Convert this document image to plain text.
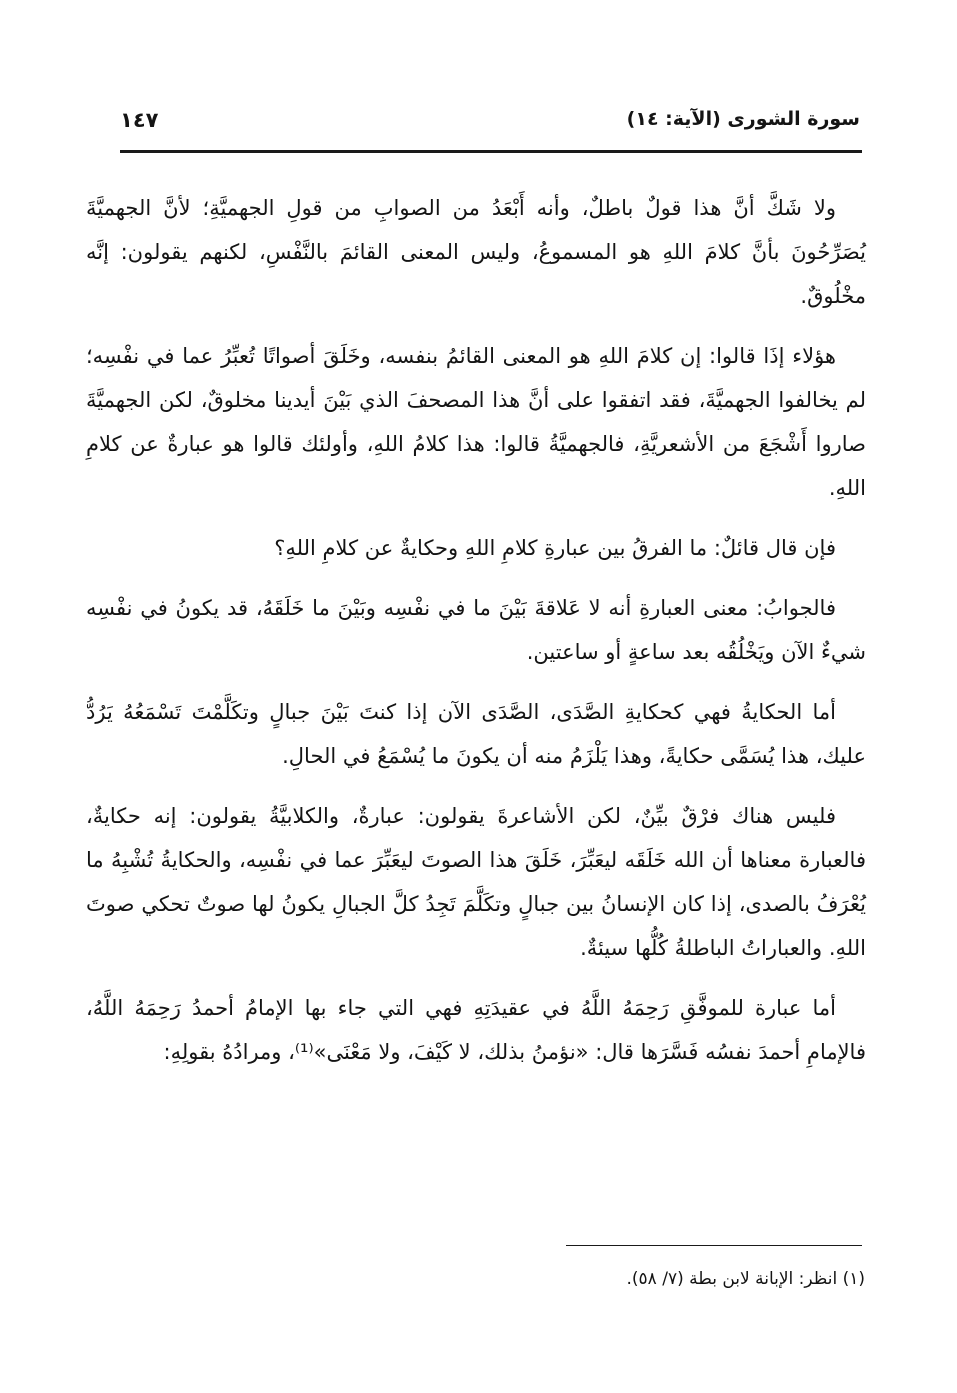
سورة الشورى (الآية: ١٤)
١٤٧

ولا شَكَّ أنَّ هذا قولٌ باطلٌ، وأنه أَبْعَدُ من الصوابِ من قولِ الجهميَّةِ؛ لأنَّ الجهميَّةَ يُصَرِّحُونَ بأنَّ كلامَ اللهِ هو المسموعُ، وليس المعنى القائمَ بالنَّفْسِ، لكنهم يقولون: إنَّه مخْلُوقٌ.

هؤلاء إذَا قالوا: إن كلامَ اللهِ هو المعنى القائمُ بنفسه، وخَلَقَ أصواتًا تُعبِّرُ عما في نفْسِه؛ لم يخالفوا الجهميَّةَ، فقد اتفقوا على أنَّ هذا المصحفَ الذي بَيْنَ أيدينا مخلوقٌ، لكن الجهميَّةَ صاروا أَشْجَعَ من الأشعريَّةِ، فالجهميَّةُ قالوا: هذا كلامُ اللهِ، وأولئك قالوا هو عبارةٌ عن كلامِ اللهِ.

فإن قال قائلٌ: ما الفرقُ بين عبارةِ كلامِ اللهِ وحكايةٌ عن كلامِ اللهِ؟

فالجوابُ: معنى العبارةِ أنه لا عَلاقةَ بَيْنَ ما في نفْسِه وبَيْنَ ما خَلَقَهُ، قد يكونُ في نفْسِه شيءٌ الآن ويَخْلُقُه بعد ساعةٍ أو ساعتين.

أما الحكايةُ فهي كحكايةِ الصَّدَى، الصَّدَى الآن إذا كنتَ بَيْنَ جبالٍ وتكَلَّمْتَ تَسْمَعُهُ يَرُدُّ عليك، هذا يُسَمَّى حكايةً، وهذا يَلْزَمُ منه أن يكونَ ما يُسْمَعُ في الحالِ.

فليس هناك فرْقٌ بيِّنٌ، لكن الأشاعرةَ يقولون: عبارةٌ، والكلابيَّةُ يقولون: إنه حكايةٌ، فالعبارة معناها أن الله خَلَقَه ليعَبِّرَ، خَلَقَ هذا الصوتَ ليعَبِّرَ عما في نفْسِه، والحكايةُ تُشْبِهُ ما يُعْرَفُ بالصدى، إذا كان الإنسانُ بين جبالٍ وتكَلَّمَ تَجِدُ كلَّ الجبالِ يكونُ لها صوتٌ تحكي صوتَ اللهِ. والعباراتُ الباطلةُ كُلُّها سيئةٌ.

أما عبارة للموفَّقِ رَحِمَهُ اللَّهُ في عقيدَتِهِ فهي التي جاء بها الإمامُ أحمدُ رَحِمَهُ اللَّهُ، فالإمامِ أحمدَ نفسُه فَسَّرَها قال: «نؤمنُ بذلك، لا كَيْفَ، ولا مَعْنَى»⁽¹⁾، ومرادُهُ بقولِهِ:

(١) انظر: الإبانة لابن بطة (٧/ ٥٨).
